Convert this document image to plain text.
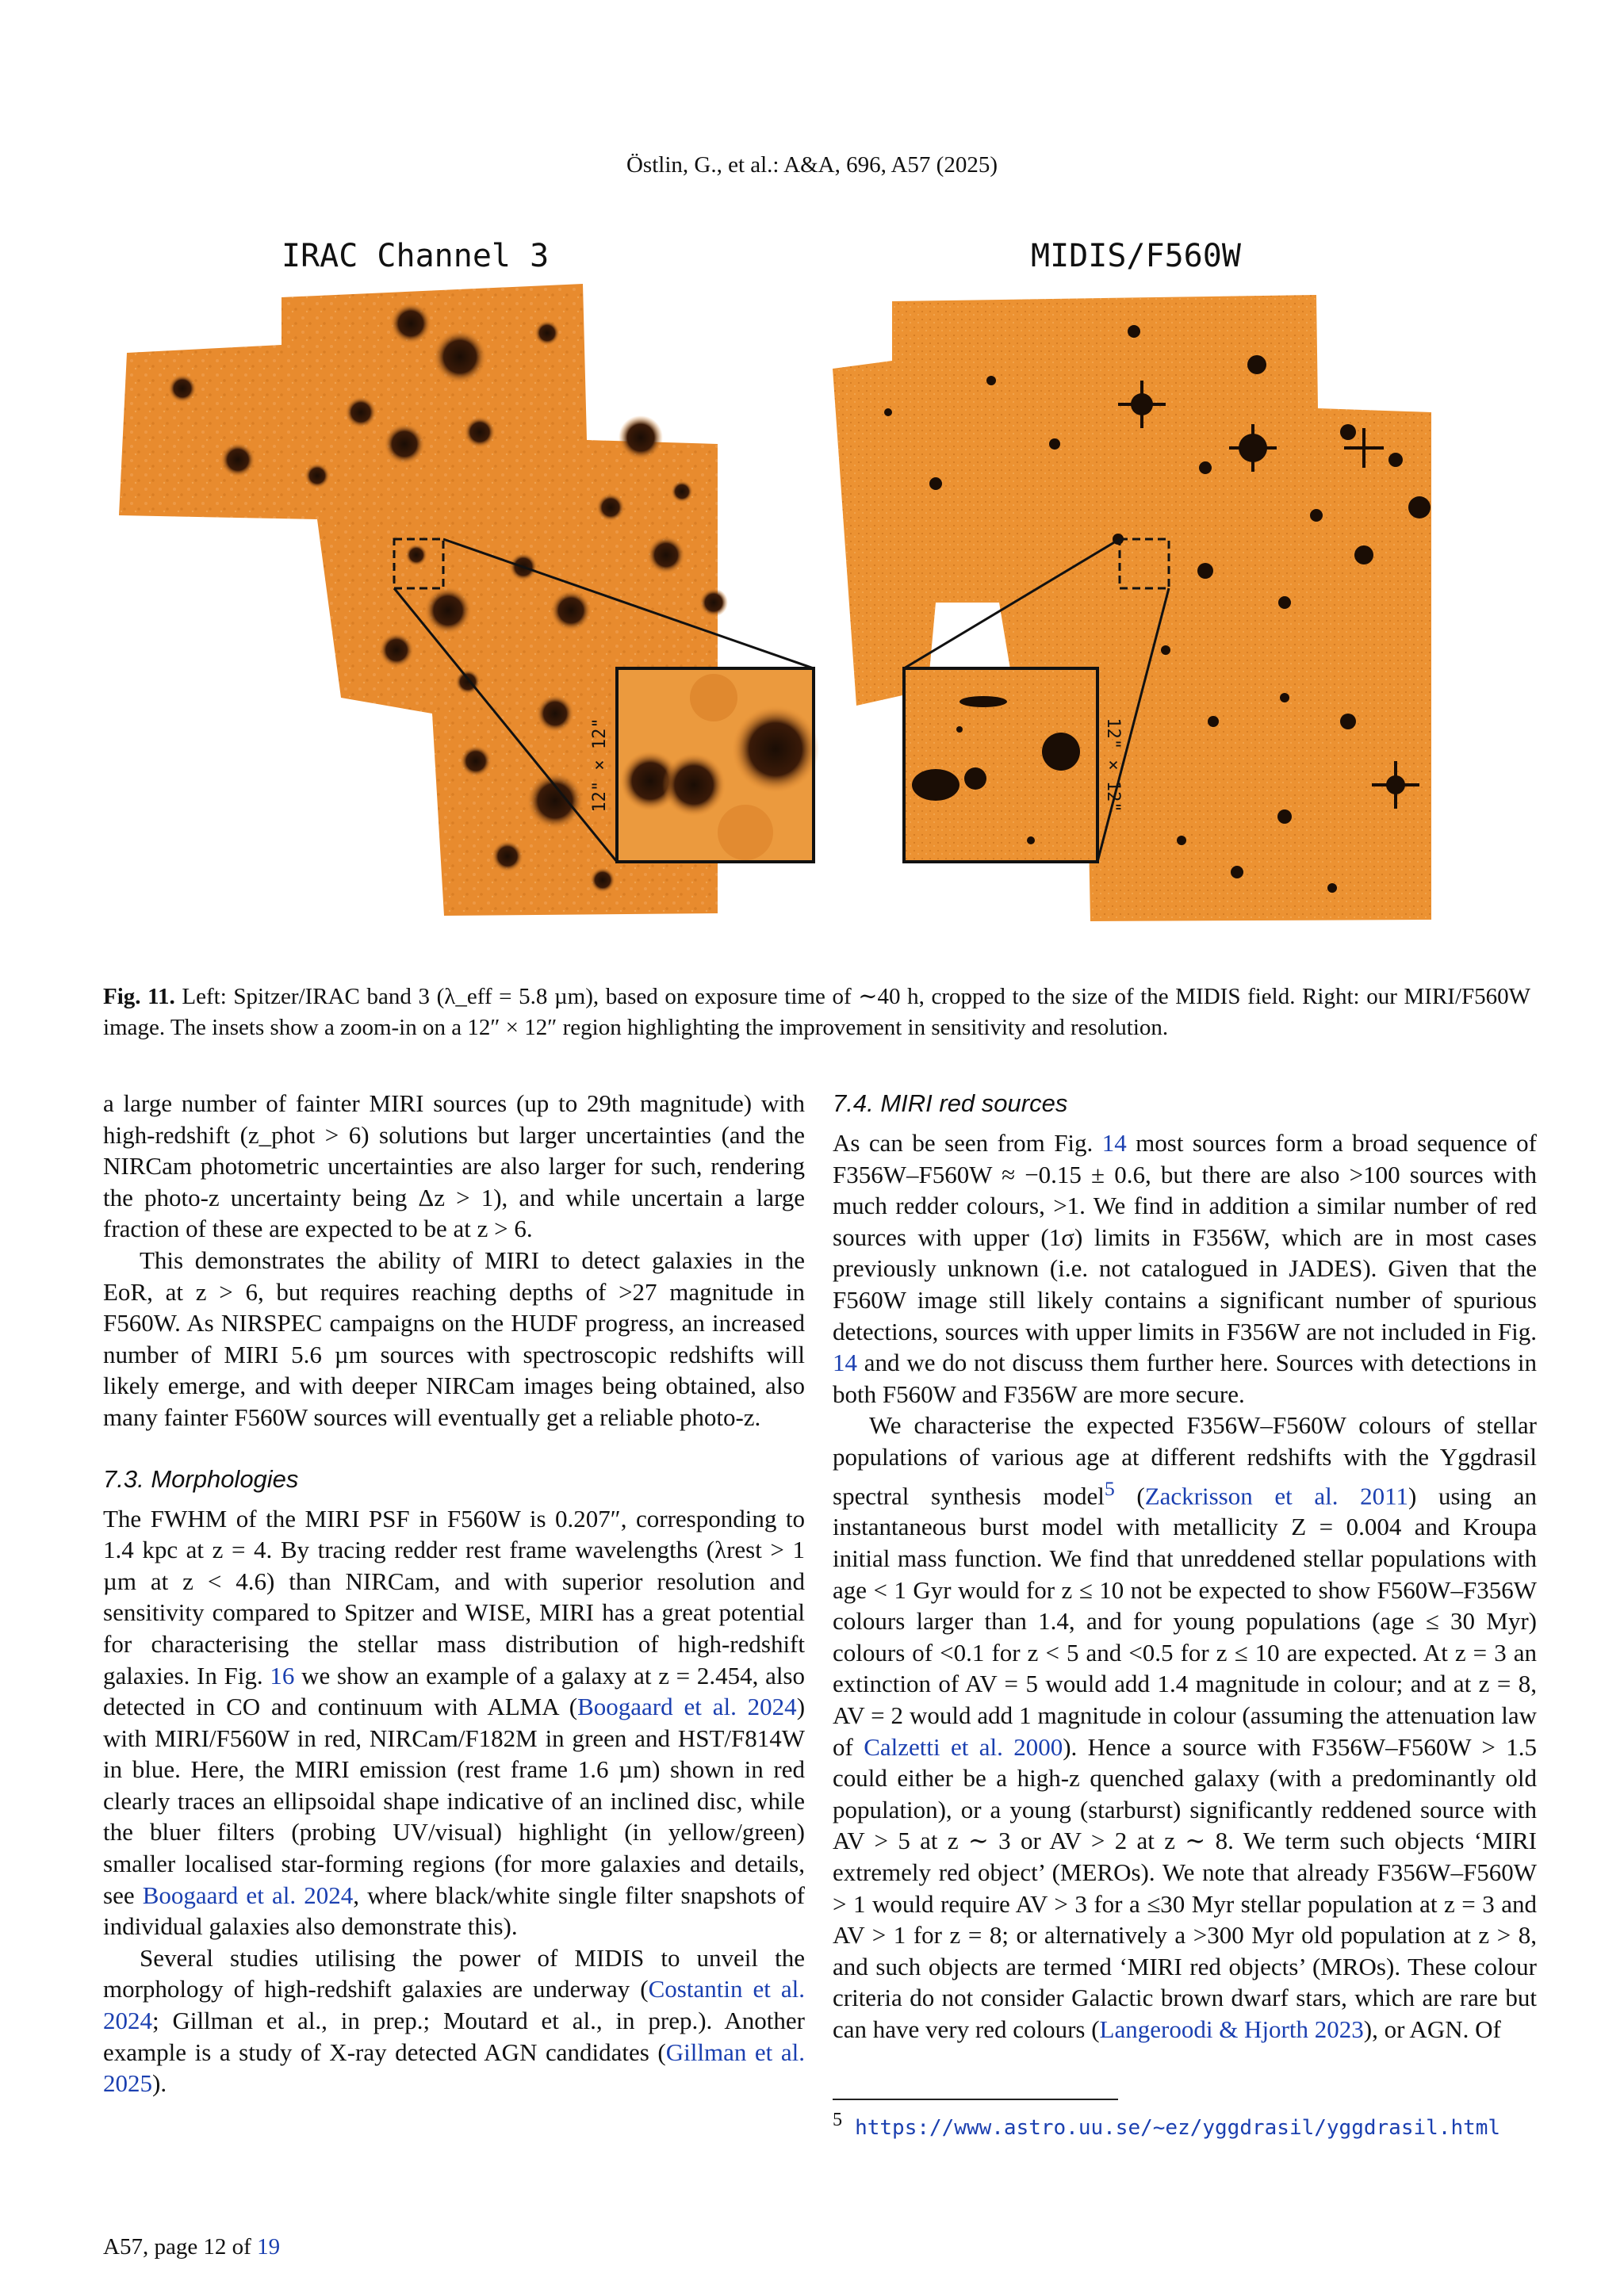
Östlin, G., et al.: A&A, 696, A57 (2025)
IRAC Channel 3	MIDIS/F560W
12" × 12"	12" × 12"
Fig. 11. Left: Spitzer/IRAC band 3 (λ_eff = 5.8 µm), based on exposure time of ∼40 h, cropped to the size of the MIDIS field. Right: our MIRI/F560W image. The insets show a zoom-in on a 12″ × 12″ region highlighting the improvement in sensitivity and resolution.

a large number of fainter MIRI sources (up to 29th magnitude) with high-redshift (z_phot > 6) solutions but larger uncertainties (and the NIRCam photometric uncertainties are also larger for such, rendering the photo-z uncertainty being Δz > 1), and while uncertain a large fraction of these are expected to be at z > 6.

This demonstrates the ability of MIRI to detect galaxies in the EoR, at z > 6, but requires reaching depths of >27 magnitude in F560W. As NIRSPEC campaigns on the HUDF progress, an increased number of MIRI 5.6 µm sources with spectroscopic redshifts will likely emerge, and with deeper NIRCam images being obtained, also many fainter F560W sources will eventually get a reliable photo-z.

7.3. Morphologies

The FWHM of the MIRI PSF in F560W is 0.207″, corresponding to 1.4 kpc at z = 4. By tracing redder rest frame wavelengths (λrest > 1 µm at z < 4.6) than NIRCam, and with superior resolution and sensitivity compared to Spitzer and WISE, MIRI has a great potential for characterising the stellar mass distribution of high-redshift galaxies. In Fig. 16 we show an example of a galaxy at z = 2.454, also detected in CO and continuum with ALMA (Boogaard et al. 2024) with MIRI/F560W in red, NIRCam/F182M in green and HST/F814W in blue. Here, the MIRI emission (rest frame 1.6 µm) shown in red clearly traces an ellipsoidal shape indicative of an inclined disc, while the bluer filters (probing UV/visual) highlight (in yellow/green) smaller localised star-forming regions (for more galaxies and details, see Boogaard et al. 2024, where black/white single filter snapshots of individual galaxies also demonstrate this).

Several studies utilising the power of MIDIS to unveil the morphology of high-redshift galaxies are underway (Costantin et al. 2024; Gillman et al., in prep.; Moutard et al., in prep.). Another example is a study of X-ray detected AGN candidates (Gillman et al. 2025).

7.4. MIRI red sources

As can be seen from Fig. 14 most sources form a broad sequence of F356W–F560W ≈ −0.15 ± 0.6, but there are also >100 sources with much redder colours, >1. We find in addition a similar number of red sources with upper (1σ) limits in F356W, which are in most cases previously unknown (i.e. not catalogued in JADES). Given that the F560W image still likely contains a significant number of spurious detections, sources with upper limits in F356W are not included in Fig. 14 and we do not discuss them further here. Sources with detections in both F560W and F356W are more secure.

We characterise the expected F356W–F560W colours of stellar populations of various age at different redshifts with the Yggdrasil spectral synthesis model$^5$ (Zackrisson et al. 2011) using an instantaneous burst model with metallicity Z = 0.004 and Kroupa initial mass function. We find that unreddened stellar populations with age < 1 Gyr would for z ≤ 10 not be expected to show F560W–F356W colours larger than 1.4, and for young populations (age ≤ 30 Myr) colours of <0.1 for z < 5 and <0.5 for z ≤ 10 are expected. At z = 3 an extinction of AV = 5 would add 1.4 magnitude in colour; and at z = 8, AV = 2 would add 1 magnitude in colour (assuming the attenuation law of Calzetti et al. 2000). Hence a source with F356W–F560W > 1.5 could either be a high-z quenched galaxy (with a predominantly old population), or a young (starburst) significantly reddened source with AV > 5 at z ∼ 3 or AV > 2 at z ∼ 8. We term such objects ‘MIRI extremely red object’ (MEROs). We note that already F356W–F560W > 1 would require AV > 3 for a ≤30 Myr stellar population at z = 3 and AV > 1 for z = 8; or alternatively a >300 Myr old population at z > 8, and such objects are termed ‘MIRI red objects’ (MROs). These colour criteria do not consider Galactic brown dwarf stars, which are rare but can have very red colours (Langeroodi & Hjorth 2023), or AGN. Of

$^5$ https://www.astro.uu.se/~ez/yggdrasil/yggdrasil.html
A57, page 12 of 19
